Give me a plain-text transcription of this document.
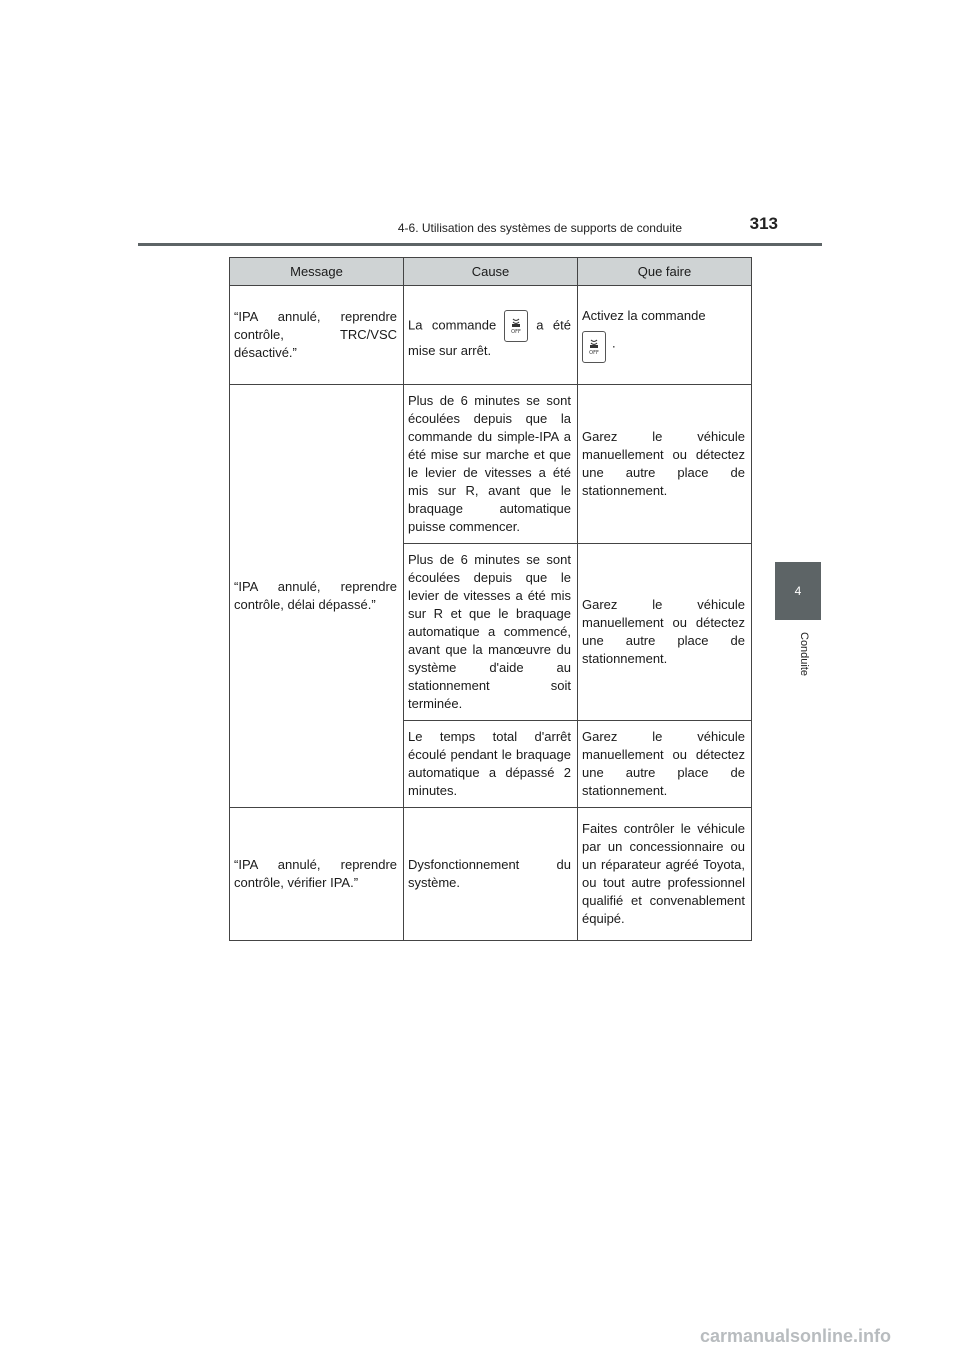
4-6. Utilisation des systèmes de supports de conduite	313
4
Conduite
Message	Cause	Que faire
“IPA annulé, reprendre contrôle, TRC/VSC désactivé.”	La commande OFF a été mise sur arrêt.	Activez la commande

OFF
.
“IPA annulé, reprendre contrôle, délai dépassé.”	Plus de 6 minutes se sont écoulées depuis que la commande du simple-IPA a été mise sur marche et que le levier de vitesses a été mis sur R, avant que le braquage automatique puisse commencer.	Garez le véhicule manuellement ou détectez une autre place de stationnement.
	Plus de 6 minutes se sont écoulées depuis que le levier de vitesses a été mis sur R et que le braquage automatique a commencé, avant que la manœuvre du système d'aide au stationnement soit terminée.	Garez le véhicule manuellement ou détectez une autre place de stationnement.
	Le temps total d'arrêt écoulé pendant le braquage automatique a dépassé 2 minutes.	Garez le véhicule manuellement ou détectez une autre place de stationnement.
“IPA annulé, reprendre contrôle, vérifier IPA.”	Dysfonctionnement du système.	Faites contrôler le véhicule par un concessionnaire ou un réparateur agréé Toyota, ou tout autre professionnel qualifié et convenablement équipé.
carmanualsonline.info
